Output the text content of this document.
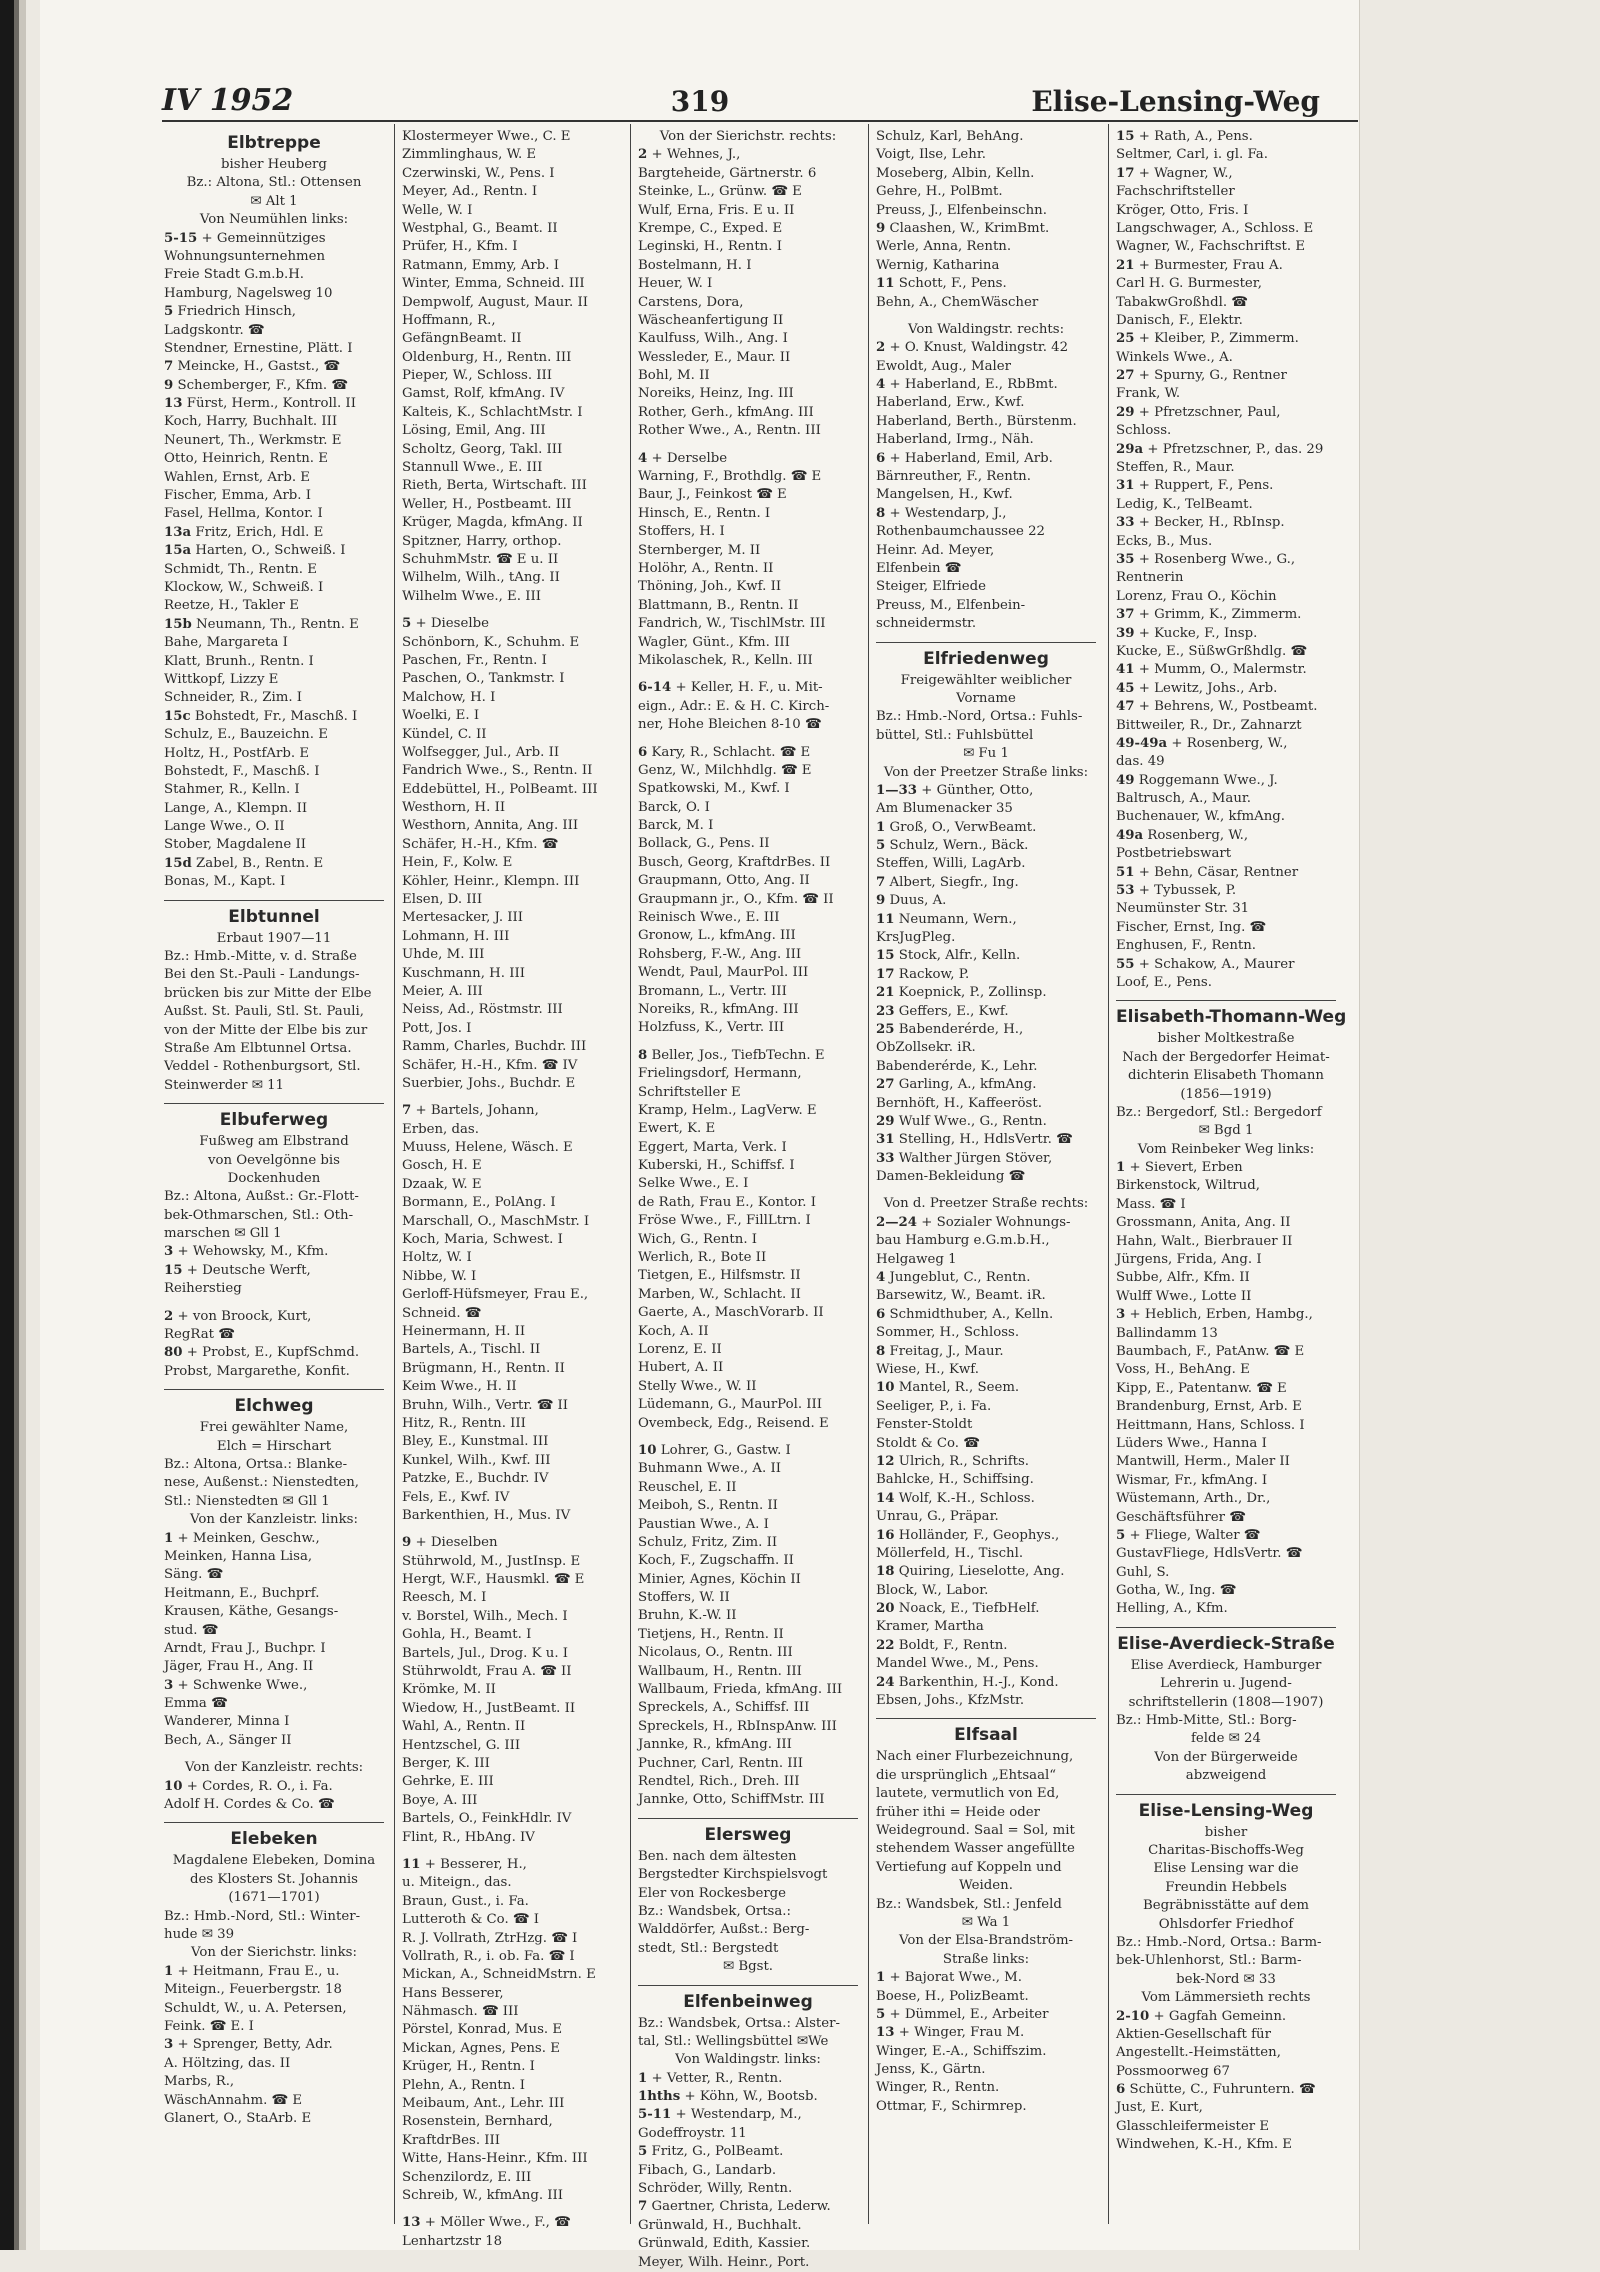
IV 1952	319	Elise-Lensing-Weg
Elbtreppe
bisher Heuberg
Bz.: Altona, Stl.: Ottensen
✉ Alt 1
Von Neumühlen links:
5-15 + Gemeinnütziges
Wohnungsunternehmen
Freie Stadt G.m.b.H.
Hamburg, Nagelsweg 10
5 Friedrich Hinsch,
Ladgskontr. ☎
Stendner, Ernestine, Plätt. I
7 Meincke, H., Gastst., ☎
9 Schemberger, F., Kfm. ☎
13 Fürst, Herm., Kontroll. II
Koch, Harry, Buchhalt. III
Neunert, Th., Werkmstr. E
Otto, Heinrich, Rentn. E
Wahlen, Ernst, Arb. E
Fischer, Emma, Arb. I
Fasel, Hellma, Kontor. I
13a Fritz, Erich, Hdl. E
15a Harten, O., Schweiß. I
Schmidt, Th., Rentn. E
Klockow, W., Schweiß. I
Reetze, H., Takler E
15b Neumann, Th., Rentn. E
Bahe, Margareta I
Klatt, Brunh., Rentn. I
Wittkopf, Lizzy E
Schneider, R., Zim. I
15c Bohstedt, Fr., Maschß. I
Schulz, E., Bauzeichn. E
Holtz, H., PostfArb. E
Bohstedt, F., Maschß. I
Stahmer, R., Kelln. I
Lange, A., Klempn. II
Lange Wwe., O. II
Stober, Magdalene II
15d Zabel, B., Rentn. E
Bonas, M., Kapt. I
Elbtunnel
Erbaut 1907—11
Bz.: Hmb.-Mitte, v. d. Straße
Bei den St.-Pauli - Landungs-
brücken bis zur Mitte der Elbe
Außst. St. Pauli, Stl. St. Pauli,
von der Mitte der Elbe bis zur
Straße Am Elbtunnel Ortsa.
Veddel - Rothenburgsort, Stl.
Steinwerder ✉ 11
Elbuferweg
Fußweg am Elbstrand
von Oevelgönne bis
Dockenhuden
Bz.: Altona, Außst.: Gr.-Flott-
bek-Othmarschen, Stl.: Oth-
marschen ✉ Gll 1
3 + Wehowsky, M., Kfm.
15 + Deutsche Werft,
Reiherstieg
2 + von Broock, Kurt,
RegRat ☎
80 + Probst, E., KupfSchmd.
Probst, Margarethe, Konfit.
Elchweg
Frei gewählter Name,
Elch = Hirschart
Bz.: Altona, Ortsa.: Blanke-
nese, Außenst.: Nienstedten,
Stl.: Nienstedten ✉ Gll 1
Von der Kanzleistr. links:
1 + Meinken, Geschw.,
Meinken, Hanna Lisa,
Säng. ☎
Heitmann, E., Buchprf.
Krausen, Käthe, Gesangs-
stud. ☎
Arndt, Frau J., Buchpr. I
Jäger, Frau H., Ang. II
3 + Schwenke Wwe.,
Emma ☎
Wanderer, Minna I
Bech, A., Sänger II
Von der Kanzleistr. rechts:
10 + Cordes, R. O., i. Fa.
Adolf H. Cordes & Co. ☎
Elebeken
Magdalene Elebeken, Domina
des Klosters St. Johannis
(1671—1701)
Bz.: Hmb.-Nord, Stl.: Winter-
hude ✉ 39
Von der Sierichstr. links:
1 + Heitmann, Frau E., u.
Miteign., Feuerbergstr. 18
Schuldt, W., u. A. Petersen,
Feink. ☎ E. I
3 + Sprenger, Betty, Adr.
A. Höltzing, das. II
Marbs, R.,
WäschAnnahm. ☎ E
Glanert, O., StaArb. E
Klostermeyer Wwe., C. E
Zimmlinghaus, W. E
Czerwinski, W., Pens. I
Meyer, Ad., Rentn. I
Welle, W. I
Westphal, G., Beamt. II
Prüfer, H., Kfm. I
Ratmann, Emmy, Arb. I
Winter, Emma, Schneid. III
Dempwolf, August, Maur. II
Hoffmann, R.,
GefängnBeamt. II
Oldenburg, H., Rentn. III
Pieper, W., Schloss. III
Gamst, Rolf, kfmAng. IV
Kalteis, K., SchlachtMstr. I
Lösing, Emil, Ang. III
Scholtz, Georg, Takl. III
Stannull Wwe., E. III
Rieth, Berta, Wirtschaft. III
Weller, H., Postbeamt. III
Krüger, Magda, kfmAng. II
Spitzner, Harry, orthop.
SchuhmMstr. ☎ E u. II
Wilhelm, Wilh., tAng. II
Wilhelm Wwe., E. III
5 + Dieselbe
Schönborn, K., Schuhm. E
Paschen, Fr., Rentn. I
Paschen, O., Tankmstr. I
Malchow, H. I
Woelki, E. I
Kündel, C. II
Wolfsegger, Jul., Arb. II
Fandrich Wwe., S., Rentn. II
Eddebüttel, H., PolBeamt. III
Westhorn, H. II
Westhorn, Annita, Ang. III
Schäfer, H.-H., Kfm. ☎
Hein, F., Kolw. E
Köhler, Heinr., Klempn. III
Elsen, D. III
Mertesacker, J. III
Lohmann, H. III
Uhde, M. III
Kuschmann, H. III
Meier, A. III
Neiss, Ad., Röstmstr. III
Pott, Jos. I
Ramm, Charles, Buchdr. III
Schäfer, H.-H., Kfm. ☎ IV
Suerbier, Johs., Buchdr. E
7 + Bartels, Johann,
Erben, das.
Muuss, Helene, Wäsch. E
Gosch, H. E
Dzaak, W. E
Bormann, E., PolAng. I
Marschall, O., MaschMstr. I
Koch, Maria, Schwest. I
Holtz, W. I
Nibbe, W. I
Gerloff-Hüfsmeyer, Frau E.,
Schneid. ☎
Heinermann, H. II
Bartels, A., Tischl. II
Brügmann, H., Rentn. II
Keim Wwe., H. II
Bruhn, Wilh., Vertr. ☎ II
Hitz, R., Rentn. III
Bley, E., Kunstmal. III
Kunkel, Wilh., Kwf. III
Patzke, E., Buchdr. IV
Fels, E., Kwf. IV
Barkenthien, H., Mus. IV
9 + Dieselben
Stührwold, M., JustInsp. E
Hergt, W.F., Hausmkl. ☎ E
Reesch, M. I
v. Borstel, Wilh., Mech. I
Gohla, H., Beamt. I
Bartels, Jul., Drog. K u. I
Stührwoldt, Frau A. ☎ II
Krömke, M. II
Wiedow, H., JustBeamt. II
Wahl, A., Rentn. II
Hentzschel, G. III
Berger, K. III
Gehrke, E. III
Boye, A. III
Bartels, O., FeinkHdlr. IV
Flint, R., HbAng. IV
11 + Besserer, H.,
u. Miteign., das.
Braun, Gust., i. Fa.
Lutteroth & Co. ☎ I
R. J. Vollrath, ZtrHzg. ☎ I
Vollrath, R., i. ob. Fa. ☎ I
Mickan, A., SchneidMstrn. E
Hans Besserer,
Nähmasch. ☎ III
Pörstel, Konrad, Mus. E
Mickan, Agnes, Pens. E
Krüger, H., Rentn. I
Plehn, A., Rentn. I
Meibaum, Ant., Lehr. III
Rosenstein, Bernhard,
KraftdrBes. III
Witte, Hans-Heinr., Kfm. III
Schenzilordz, E. III
Schreib, W., kfmAng. III
13 + Möller Wwe., F., ☎
Lenhartzstr 18
Von der Sierichstr. rechts:
2 + Wehnes, J.,
Bargteheide, Gärtnerstr. 6
Steinke, L., Grünw. ☎ E
Wulf, Erna, Fris. E u. II
Krempe, C., Exped. E
Leginski, H., Rentn. I
Bostelmann, H. I
Heuer, W. I
Carstens, Dora,
Wäscheanfertigung II
Kaulfuss, Wilh., Ang. I
Wessleder, E., Maur. II
Bohl, M. II
Noreiks, Heinz, Ing. III
Rother, Gerh., kfmAng. III
Rother Wwe., A., Rentn. III
4 + Derselbe
Warning, F., Brothdlg. ☎ E
Baur, J., Feinkost ☎ E
Hinsch, E., Rentn. I
Stoffers, H. I
Sternberger, M. II
Holöhr, A., Rentn. II
Thöning, Joh., Kwf. II
Blattmann, B., Rentn. II
Fandrich, W., TischlMstr. III
Wagler, Günt., Kfm. III
Mikolaschek, R., Kelln. III
6-14 + Keller, H. F., u. Mit-
eign., Adr.: E. & H. C. Kirch-
ner, Hohe Bleichen 8-10 ☎
6 Kary, R., Schlacht. ☎ E
Genz, W., Milchhdlg. ☎ E
Spatkowski, M., Kwf. I
Barck, O. I
Barck, M. I
Bollack, G., Pens. II
Busch, Georg, KraftdrBes. II
Graupmann, Otto, Ang. II
Graupmann jr., O., Kfm. ☎ II
Reinisch Wwe., E. III
Gronow, L., kfmAng. III
Rohsberg, F.-W., Ang. III
Wendt, Paul, MaurPol. III
Bromann, L., Vertr. III
Noreiks, R., kfmAng. III
Holzfuss, K., Vertr. III
8 Beller, Jos., TiefbTechn. E
Frielingsdorf, Hermann,
Schriftsteller E
Kramp, Helm., LagVerw. E
Ewert, K. E
Eggert, Marta, Verk. I
Kuberski, H., Schiffsf. I
Selke Wwe., E. I
de Rath, Frau E., Kontor. I
Fröse Wwe., F., FillLtrn. I
Wich, G., Rentn. I
Werlich, R., Bote II
Tietgen, E., Hilfsmstr. II
Marben, W., Schlacht. II
Gaerte, A., MaschVorarb. II
Koch, A. II
Lorenz, E. II
Hubert, A. II
Stelly Wwe., W. II
Lüdemann, G., MaurPol. III
Ovembeck, Edg., Reisend. E
10 Lohrer, G., Gastw. I
Buhmann Wwe., A. II
Reuschel, E. II
Meiboh, S., Rentn. II
Paustian Wwe., A. I
Schulz, Fritz, Zim. II
Koch, F., Zugschaffn. II
Minier, Agnes, Köchin II
Stoffers, W. II
Bruhn, K.-W. II
Tietjens, H., Rentn. II
Nicolaus, O., Rentn. III
Wallbaum, H., Rentn. III
Wallbaum, Frieda, kfmAng. III
Spreckels, A., Schiffsf. III
Spreckels, H., RbInspAnw. III
Jannke, R., kfmAng. III
Puchner, Carl, Rentn. III
Rendtel, Rich., Dreh. III
Jannke, Otto, SchiffMstr. III
Elersweg
Ben. nach dem ältesten
Bergstedter Kirchspielsvogt
Eler von Rockesberge
Bz.: Wandsbek, Ortsa.:
Walddörfer, Außst.: Berg-
stedt, Stl.: Bergstedt
✉ Bgst.
Elfenbeinweg
Bz.: Wandsbek, Ortsa.: Alster-
tal, Stl.: Wellingsbüttel ✉We
Von Waldingstr. links:
1 + Vetter, R., Rentn.
1hths + Köhn, W., Bootsb.
5-11 + Westendarp, M.,
Godeffroystr. 11
5 Fritz, G., PolBeamt.
Fibach, G., Landarb.
Schröder, Willy, Rentn.
7 Gaertner, Christa, Lederw.
Grünwald, H., Buchhalt.
Grünwald, Edith, Kassier.
Meyer, Wilh. Heinr., Port.
Schulz, Karl, BehAng.
Voigt, Ilse, Lehr.
Moseberg, Albin, Kelln.
Gehre, H., PolBmt.
Preuss, J., Elfenbeinschn.
9 Claashen, W., KrimBmt.
Werle, Anna, Rentn.
Wernig, Katharina
11 Schott, F., Pens.
Behn, A., ChemWäscher
Von Waldingstr. rechts:
2 + O. Knust, Waldingstr. 42
Ewoldt, Aug., Maler
4 + Haberland, E., RbBmt.
Haberland, Erw., Kwf.
Haberland, Berth., Bürstenm.
Haberland, Irmg., Näh.
6 + Haberland, Emil, Arb.
Bärnreuther, F., Rentn.
Mangelsen, H., Kwf.
8 + Westendarp, J.,
Rothenbaumchaussee 22
Heinr. Ad. Meyer,
Elfenbein ☎
Steiger, Elfriede
Preuss, M., Elfenbein-
schneidermstr.
Elfriedenweg
Freigewählter weiblicher
Vorname
Bz.: Hmb.-Nord, Ortsa.: Fuhls-
büttel, Stl.: Fuhlsbüttel
✉ Fu 1
Von der Preetzer Straße links:
1—33 + Günther, Otto,
Am Blumenacker 35
1 Groß, O., VerwBeamt.
5 Schulz, Wern., Bäck.
Steffen, Willi, LagArb.
7 Albert, Siegfr., Ing.
9 Duus, A.
11 Neumann, Wern.,
KrsJugPleg.
15 Stock, Alfr., Kelln.
17 Rackow, P.
21 Koepnick, P., Zollinsp.
23 Geffers, E., Kwf.
25 Babenderérde, H.,
ObZollsekr. iR.
Babenderérde, K., Lehr.
27 Garling, A., kfmAng.
Bernhöft, H., Kaffeeröst.
29 Wulf Wwe., G., Rentn.
31 Stelling, H., HdlsVertr. ☎
33 Walther Jürgen Stöver,
Damen-Bekleidung ☎
Von d. Preetzer Straße rechts:
2—24 + Sozialer Wohnungs-
bau Hamburg e.G.m.b.H.,
Helgaweg 1
4 Jungeblut, C., Rentn.
Barsewitz, W., Beamt. iR.
6 Schmidthuber, A., Kelln.
Sommer, H., Schloss.
8 Freitag, J., Maur.
Wiese, H., Kwf.
10 Mantel, R., Seem.
Seeliger, P., i. Fa.
Fenster-Stoldt
Stoldt & Co. ☎
12 Ulrich, R., Schrifts.
Bahlcke, H., Schiffsing.
14 Wolf, K.-H., Schloss.
Unrau, G., Präpar.
16 Holländer, F., Geophys.,
Möllerfeld, H., Tischl.
18 Quiring, Lieselotte, Ang.
Block, W., Labor.
20 Noack, E., TiefbHelf.
Kramer, Martha
22 Boldt, F., Rentn.
Mandel Wwe., M., Pens.
24 Barkenthin, H.-J., Kond.
Ebsen, Johs., KfzMstr.
Elfsaal
Nach einer Flurbezeichnung,
die ursprünglich „Ehtsaal“
lautete, vermutlich von Ed,
früher ithi = Heide oder
Weideground. Saal = Sol, mit
stehendem Wasser angefüllte
Vertiefung auf Koppeln und
Weiden.
Bz.: Wandsbek, Stl.: Jenfeld
✉ Wa 1
Von der Elsa-Brandström-
Straße links:
1 + Bajorat Wwe., M.
Boese, H., PolizBeamt.
5 + Dümmel, E., Arbeiter
13 + Winger, Frau M.
Winger, E.-A., Schiffszim.
Jenss, K., Gärtn.
Winger, R., Rentn.
Ottmar, F., Schirmrep.
15 + Rath, A., Pens.
Seltmer, Carl, i. gl. Fa.
17 + Wagner, W.,
Fachschriftsteller
Kröger, Otto, Fris. I
Langschwager, A., Schloss. E
Wagner, W., Fachschriftst. E
21 + Burmester, Frau A.
Carl H. G. Burmester,
TabakwGroßhdl. ☎
Danisch, F., Elektr.
25 + Kleiber, P., Zimmerm.
Winkels Wwe., A.
27 + Spurny, G., Rentner
Frank, W.
29 + Pfretzschner, Paul,
Schloss.
29a + Pfretzschner, P., das. 29
Steffen, R., Maur.
31 + Ruppert, F., Pens.
Ledig, K., TelBeamt.
33 + Becker, H., RbInsp.
Ecks, B., Mus.
35 + Rosenberg Wwe., G.,
Rentnerin
Lorenz, Frau O., Köchin
37 + Grimm, K., Zimmerm.
39 + Kucke, F., Insp.
Kucke, E., SüßwGrßhdlg. ☎
41 + Mumm, O., Malermstr.
45 + Lewitz, Johs., Arb.
47 + Behrens, W., Postbeamt.
Bittweiler, R., Dr., Zahnarzt
49-49a + Rosenberg, W.,
das. 49
49 Roggemann Wwe., J.
Baltrusch, A., Maur.
Buchenauer, W., kfmAng.
49a Rosenberg, W.,
Postbetriebswart
51 + Behn, Cäsar, Rentner
53 + Tybussek, P.
Neumünster Str. 31
Fischer, Ernst, Ing. ☎
Enghusen, F., Rentn.
55 + Schakow, A., Maurer
Loof, E., Pens.
Elisabeth-Thomann-Weg
bisher Moltkestraße
Nach der Bergedorfer Heimat-
dichterin Elisabeth Thomann
(1856—1919)
Bz.: Bergedorf, Stl.: Bergedorf
✉ Bgd 1
Vom Reinbeker Weg links:
1 + Sievert, Erben
Birkenstock, Wiltrud,
Mass. ☎ I
Grossmann, Anita, Ang. II
Hahn, Walt., Bierbrauer II
Jürgens, Frida, Ang. I
Subbe, Alfr., Kfm. II
Wulff Wwe., Lotte II
3 + Heblich, Erben, Hambg.,
Ballindamm 13
Baumbach, F., PatAnw. ☎ E
Voss, H., BehAng. E
Kipp, E., Patentanw. ☎ E
Brandenburg, Ernst, Arb. E
Heittmann, Hans, Schloss. I
Lüders Wwe., Hanna I
Mantwill, Herm., Maler II
Wismar, Fr., kfmAng. I
Wüstemann, Arth., Dr.,
Geschäftsführer ☎
5 + Fliege, Walter ☎
GustavFliege, HdlsVertr. ☎
Guhl, S.
Gotha, W., Ing. ☎
Helling, A., Kfm.
Elise-Averdieck-Straße
Elise Averdieck, Hamburger
Lehrerin u. Jugend-
schriftstellerin (1808—1907)
Bz.: Hmb-Mitte, Stl.: Borg-
felde ✉ 24
Von der Bürgerweide
abzweigend
Elise-Lensing-Weg
bisher
Charitas-Bischoffs-Weg
Elise Lensing war die
Freundin Hebbels
Begräbnisstätte auf dem
Ohlsdorfer Friedhof
Bz.: Hmb.-Nord, Ortsa.: Barm-
bek-Uhlenhorst, Stl.: Barm-
bek-Nord ✉ 33
Vom Lämmersieth rechts
2-10 + Gagfah Gemeinn.
Aktien-Gesellschaft für
Angestellt.-Heimstätten,
Possmoorweg 67
6 Schütte, C., Fuhruntern. ☎
Just, E. Kurt,
Glasschleifermeister E
Windwehen, K.-H., Kfm. E
